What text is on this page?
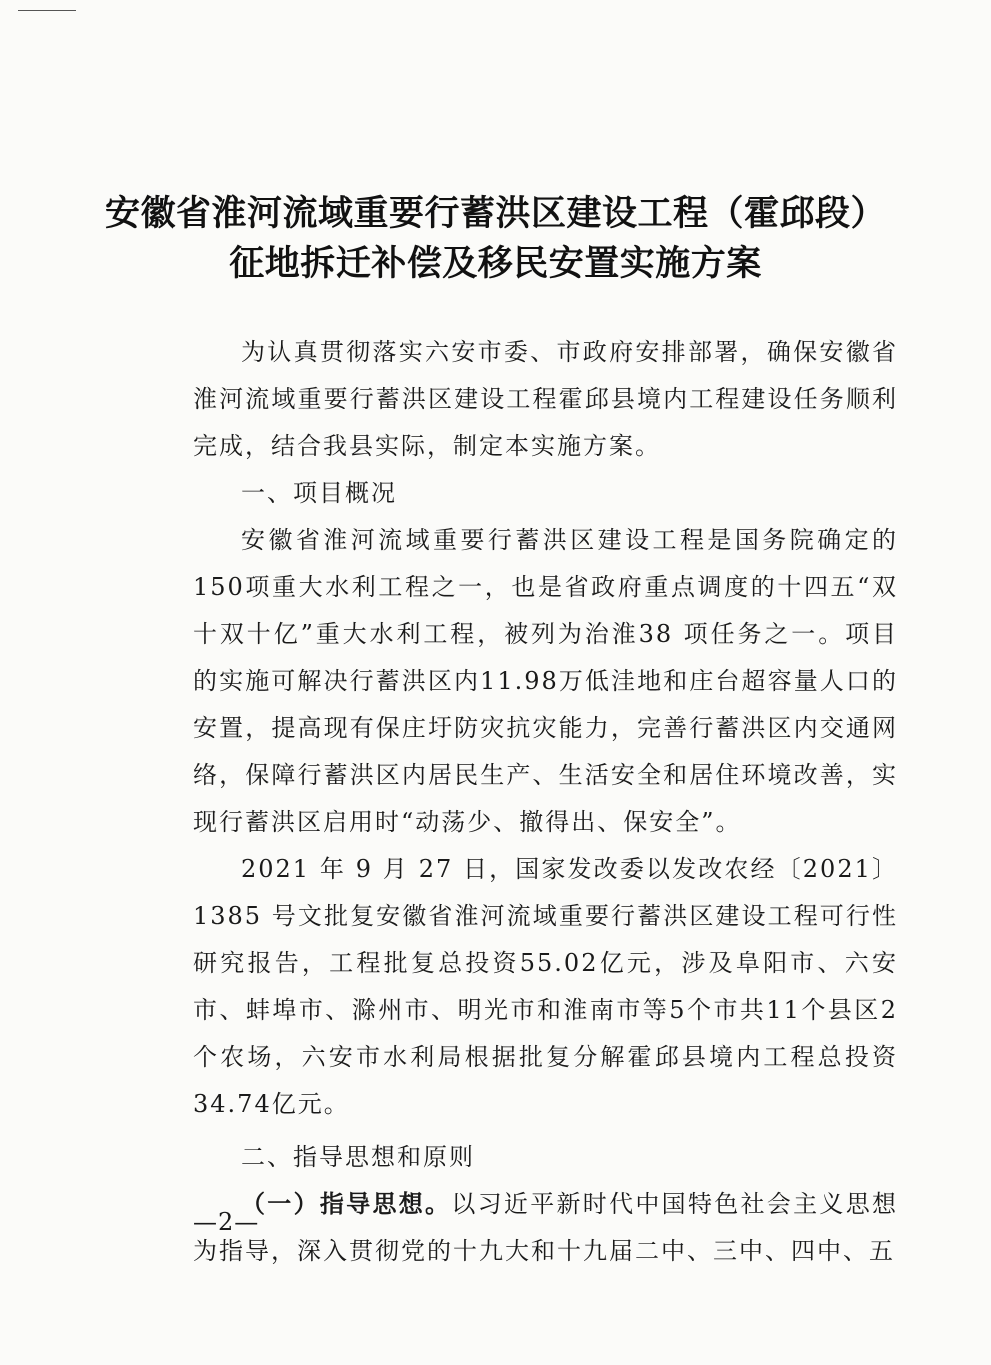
安徽省淮河流域重要行蓄洪区建设工程（霍邱段）
征地拆迁补偿及移民安置实施方案

为认真贯彻落实六安市委、市政府安排部署，确保安徽省淮河流域重要行蓄洪区建设工程霍邱县境内工程建设任务顺利完成，结合我县实际，制定本实施方案。

一、项目概况

安徽省淮河流域重要行蓄洪区建设工程是国务院确定的150项重大水利工程之一，也是省政府重点调度的十四五“双十双十亿”重大水利工程，被列为治淮38 项任务之一。项目的实施可解决行蓄洪区内11.98万低洼地和庄台超容量人口的安置，提高现有保庄圩防灾抗灾能力，完善行蓄洪区内交通网络，保障行蓄洪区内居民生产、生活安全和居住环境改善，实现行蓄洪区启用时“动荡少、撤得出、保安全”。

2021 年 9 月 27 日，国家发改委以发改农经〔2021〕1385 号文批复安徽省淮河流域重要行蓄洪区建设工程可行性研究报告，工程批复总投资55.02亿元，涉及阜阳市、六安市、蚌埠市、滁州市、明光市和淮南市等5个市共11个县区2个农场，六安市水利局根据批复分解霍邱县境内工程总投资34.74亿元。

二、指导思想和原则

（一）指导思想。以习近平新时代中国特色社会主义思想为指导，深入贯彻党的十九大和十九届二中、三中、四中、五

—2—
